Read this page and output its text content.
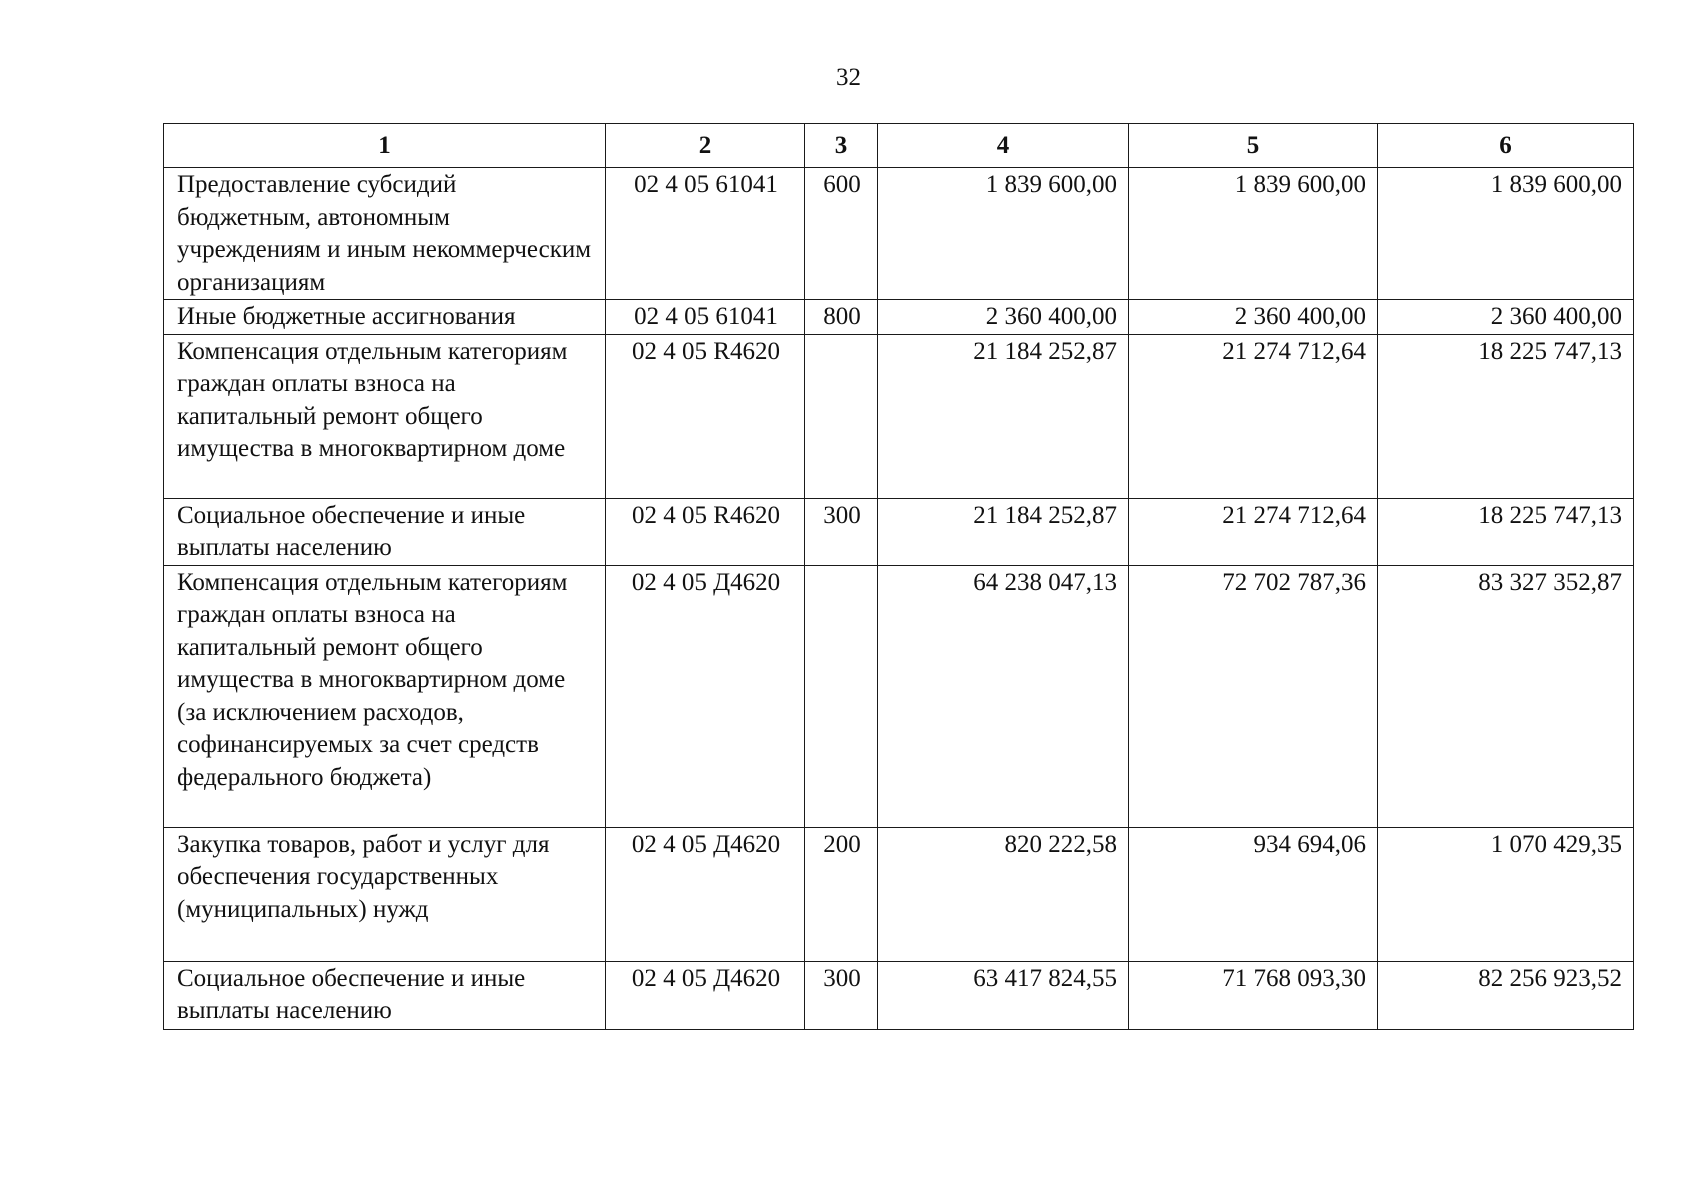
32
1	2	3	4	5	6
Предоставление субсидий бюджетным, автономным учреждениям и иным некоммерческим организациям	02 4 05 61041	600	1 839 600,00	1 839 600,00	1 839 600,00
Иные бюджетные ассигнования	02 4 05 61041	800	2 360 400,00	2 360 400,00	2 360 400,00
Компенсация отдельным категориям граждан оплаты взноса на капитальный ремонт общего имущества в многоквартирном доме	02 4 05 R4620		21 184 252,87	21 274 712,64	18 225 747,13
Социальное обеспечение и иные выплаты населению	02 4 05 R4620	300	21 184 252,87	21 274 712,64	18 225 747,13
Компенсация отдельным категориям граждан оплаты взноса на капитальный ремонт общего имущества в многоквартирном доме (за исключением расходов, софинансируемых за счет средств федерального бюджета)	02 4 05 Д4620		64 238 047,13	72 702 787,36	83 327 352,87
Закупка товаров, работ и услуг для обеспечения государственных (муниципальных) нужд	02 4 05 Д4620	200	820 222,58	934 694,06	1 070 429,35
Социальное обеспечение и иные выплаты населению	02 4 05 Д4620	300	63 417 824,55	71 768 093,30	82 256 923,52
